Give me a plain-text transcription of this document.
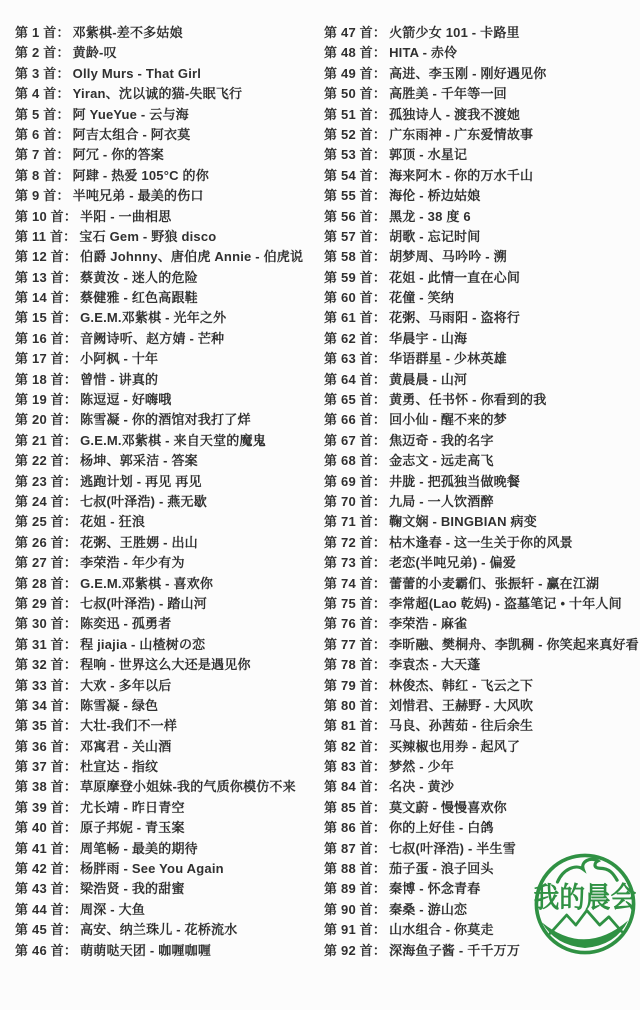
第 1 首： 邓紫棋-差不多姑娘
第 2 首： 黄龄-叹
第 3 首： Olly Murs - That Girl
第 4 首： Yiran、沈以诚的猫-失眠飞行
第 5 首： 阿 YueYue - 云与海
第 6 首： 阿吉太组合 - 阿衣莫
第 7 首： 阿冗 - 你的答案
第 8 首： 阿肆 - 热爱 105°C 的你
第 9 首： 半吨兄弟 - 最美的伤口
第 10 首： 半阳 - 一曲相思
第 11 首： 宝石 Gem - 野狼 disco
第 12 首： 伯爵 Johnny、唐伯虎 Annie - 伯虎说
第 13 首： 蔡黄汝 - 迷人的危险
第 14 首： 蔡健雅 - 红色高跟鞋
第 15 首： G.E.M.邓紫棋 - 光年之外
第 16 首： 音阙诗听、赵方婧 - 芒种
第 17 首： 小阿枫 - 十年
第 18 首： 曾惜 - 讲真的
第 19 首： 陈逗逗 - 好嗨哦
第 20 首： 陈雪凝 - 你的酒馆对我打了烊
第 21 首： G.E.M.邓紫棋 - 来自天堂的魔鬼
第 22 首： 杨坤、郭采洁 - 答案
第 23 首： 逃跑计划 - 再见 再见
第 24 首： 七叔(叶泽浩) - 燕无歇
第 25 首： 花姐 - 狂浪
第 26 首： 花粥、王胜娚 - 出山
第 27 首： 李荣浩 - 年少有为
第 28 首： G.E.M.邓紫棋 - 喜欢你
第 29 首： 七叔(叶泽浩) - 踏山河
第 30 首： 陈奕迅 - 孤勇者
第 31 首： 程 jiajia - 山楂树の恋
第 32 首： 程响 - 世界这么大还是遇见你
第 33 首： 大欢 - 多年以后
第 34 首： 陈雪凝 - 绿色
第 35 首： 大壮-我们不一样
第 36 首： 邓寓君 - 关山酒
第 37 首： 杜宣达 - 指纹
第 38 首： 草原摩登小姐妹-我的气质你模仿不来
第 39 首： 尤长靖 - 昨日青空
第 40 首： 原子邦妮 - 青玉案
第 41 首： 周笔畅 - 最美的期待
第 42 首： 杨胖雨 - See You Again
第 43 首： 梁浩贤 - 我的甜蜜
第 44 首： 周深 - 大鱼
第 45 首： 高安、纳兰珠儿 - 花桥流水
第 46 首： 萌萌哒天团 - 咖喱咖喱
第 47 首： 火箭少女 101 - 卡路里
第 48 首： HITA - 赤伶
第 49 首： 高进、李玉刚 - 刚好遇见你
第 50 首： 高胜美 - 千年等一回
第 51 首： 孤独诗人 - 渡我不渡她
第 52 首： 广东雨神 - 广东爱情故事
第 53 首： 郭顶 - 水星记
第 54 首： 海来阿木 - 你的万水千山
第 55 首： 海伦 - 桥边姑娘
第 56 首： 黑龙 - 38 度 6
第 57 首： 胡歌 - 忘记时间
第 58 首： 胡梦周、马吟吟 - 溯
第 59 首： 花姐 - 此情一直在心间
第 60 首： 花僮 - 笑纳
第 61 首： 花粥、马雨阳 - 盗将行
第 62 首： 华晨宇 - 山海
第 63 首： 华语群星 - 少林英雄
第 64 首： 黄晨晨 - 山河
第 65 首： 黄勇、任书怀 - 你看到的我
第 66 首： 回小仙 - 醒不来的梦
第 67 首： 焦迈奇 - 我的名字
第 68 首： 金志文 - 远走高飞
第 69 首： 井胧 - 把孤独当做晚餐
第 70 首： 九局 - 一人饮酒醉
第 71 首： 鞠文娴 - BINGBIAN 病变
第 72 首： 枯木逢春 - 这一生关于你的风景
第 73 首： 老恋(半吨兄弟) - 偏爱
第 74 首： 蕾蕾的小麦霸们、张振轩 - 赢在江湖
第 75 首： 李常超(Lao 乾妈) - 盗墓笔记 • 十年人间
第 76 首： 李荣浩 - 麻雀
第 77 首： 李昕融、樊桐舟、李凯稠 - 你笑起来真好看
第 78 首： 李袁杰 - 大天蓬
第 79 首： 林俊杰、韩红 - 飞云之下
第 80 首： 刘惜君、王赫野 - 大风吹
第 81 首： 马良、孙茜茹 - 往后余生
第 82 首： 买辣椒也用券 - 起风了
第 83 首： 梦然 - 少年
第 84 首： 名决 - 黄沙
第 85 首： 莫文蔚 - 慢慢喜欢你
第 86 首： 你的上好佳 - 白鸽
第 87 首： 七叔(叶泽浩) - 半生雪
第 88 首： 茄子蛋 - 浪子回头
第 89 首： 秦博 - 怀念青春
第 90 首： 秦桑 - 游山恋
第 91 首： 山水组合 - 你莫走
第 92 首： 深海鱼子酱 - 千千万万
我的晨会
